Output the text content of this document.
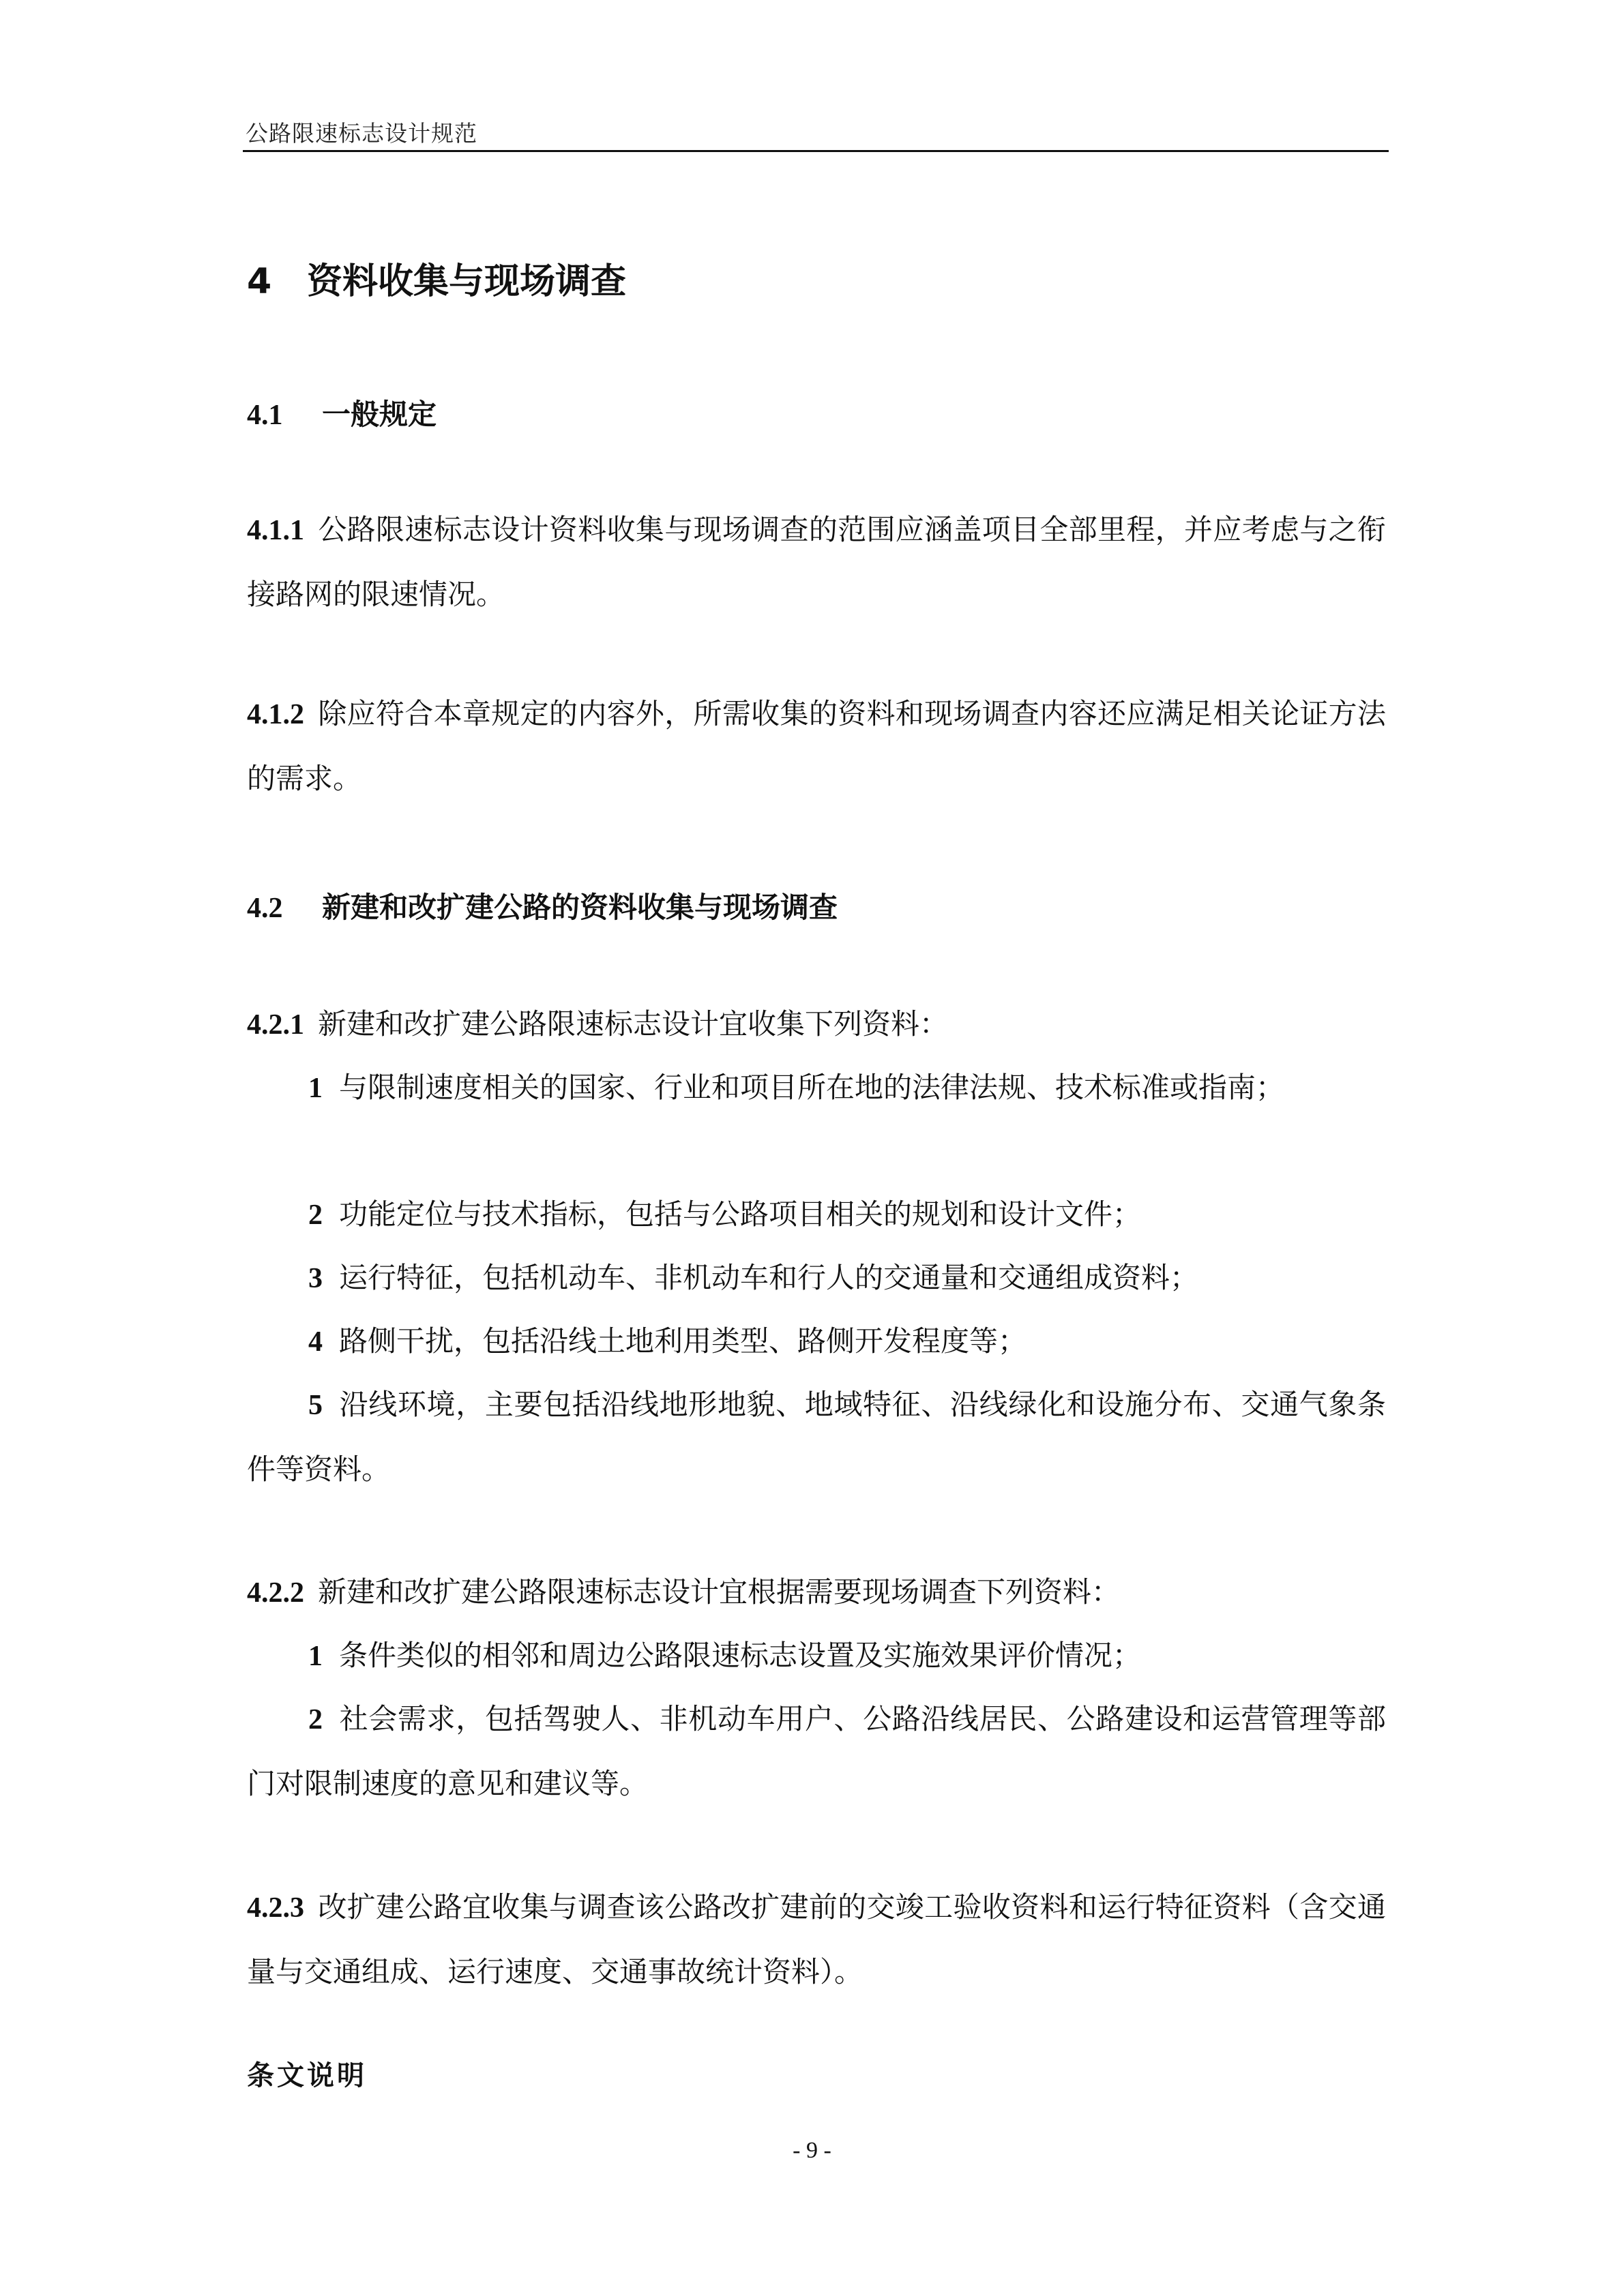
公路限速标志设计规范
4 资料收集与现场调查
4.1 一般规定
4.1.1 公路限速标志设计资料收集与现场调查的范围应涵盖项目全部里程，并应考虑与之衔接路网的限速情况。
4.1.2 除应符合本章规定的内容外，所需收集的资料和现场调查内容还应满足相关论证方法的需求。
4.2 新建和改扩建公路的资料收集与现场调查
4.2.1 新建和改扩建公路限速标志设计宜收集下列资料：
1 与限制速度相关的国家、行业和项目所在地的法律法规、技术标准或指南；
2 功能定位与技术指标，包括与公路项目相关的规划和设计文件；
3 运行特征，包括机动车、非机动车和行人的交通量和交通组成资料；
4 路侧干扰，包括沿线土地利用类型、路侧开发程度等；
5 沿线环境，主要包括沿线地形地貌、地域特征、沿线绿化和设施分布、交通气象条件等资料。
4.2.2 新建和改扩建公路限速标志设计宜根据需要现场调查下列资料：
1 条件类似的相邻和周边公路限速标志设置及实施效果评价情况；
2 社会需求，包括驾驶人、非机动车用户、公路沿线居民、公路建设和运营管理等部门对限制速度的意见和建议等。
4.2.3 改扩建公路宜收集与调查该公路改扩建前的交竣工验收资料和运行特征资料（含交通量与交通组成、运行速度、交通事故统计资料）。
条文说明
- 9 -
